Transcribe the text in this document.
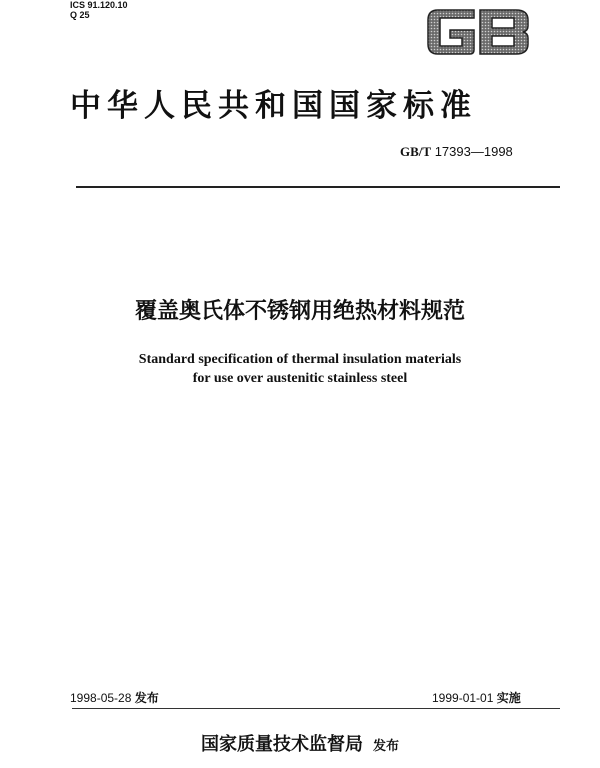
ICS 91.120.10
Q 25
中华人民共和国国家标准
GB/T 17393—1998
覆盖奥氏体不锈钢用绝热材料规范
Standard specification of thermal insulation materials
for use over austenitic stainless steel
1998-05-28 发布	1999-01-01 实施
国家质量技术监督局 发布
